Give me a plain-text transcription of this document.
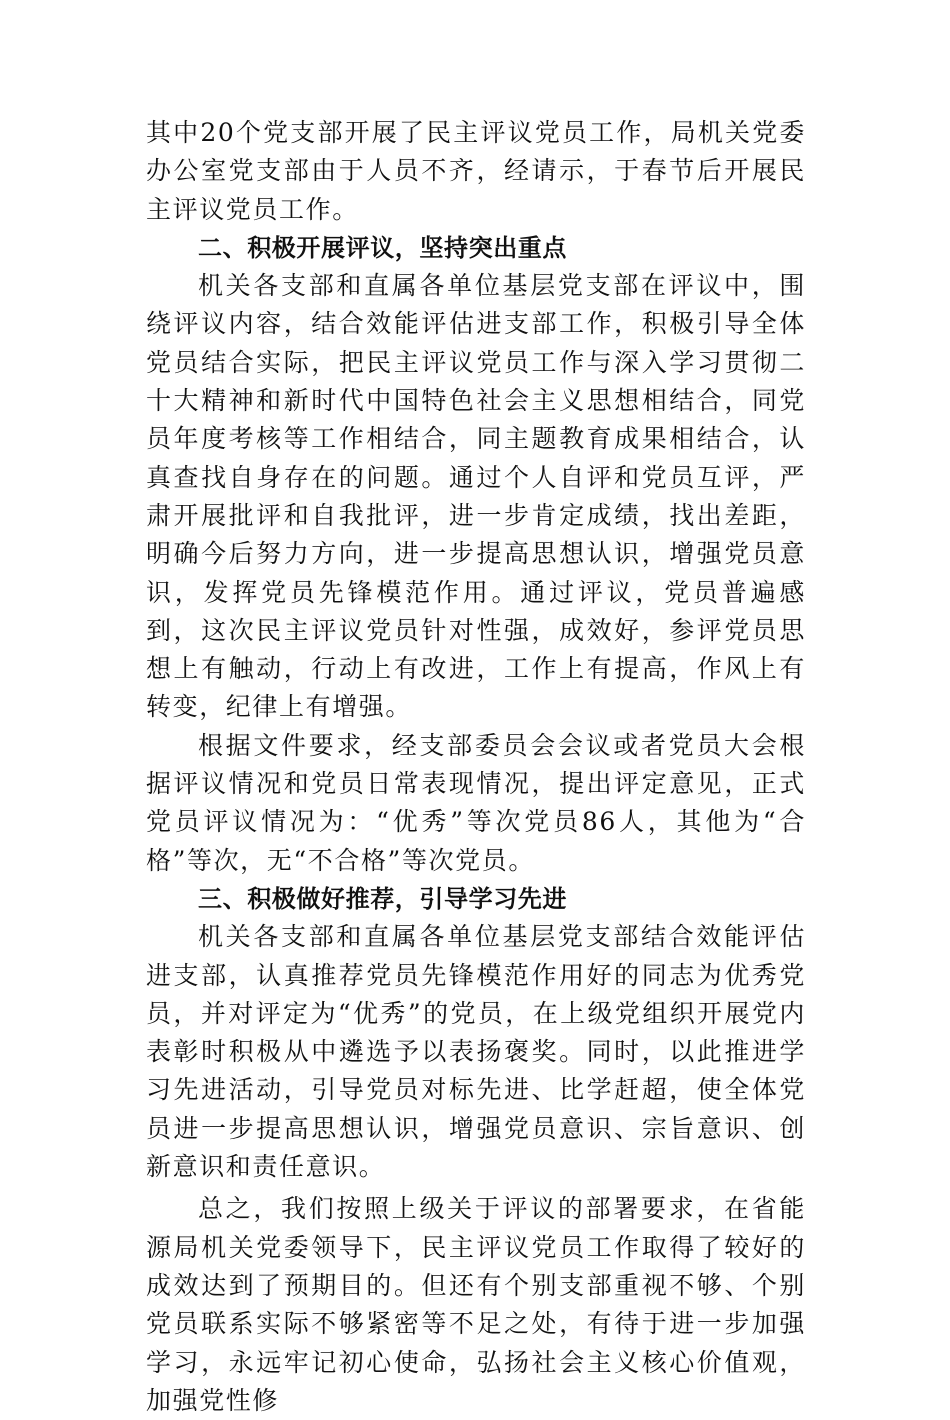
其中20个党支部开展了民主评议党员工作，局机关党委办公室党支部由于人员不齐，经请示，于春节后开展民主评议党员工作。

二、积极开展评议，坚持突出重点

机关各支部和直属各单位基层党支部在评议中，围绕评议内容，结合效能评估进支部工作，积极引导全体党员结合实际，把民主评议党员工作与深入学习贯彻二十大精神和新时代中国特色社会主义思想相结合，同党员年度考核等工作相结合，同主题教育成果相结合，认真查找自身存在的问题。通过个人自评和党员互评，严肃开展批评和自我批评，进一步肯定成绩，找出差距，明确今后努力方向，进一步提高思想认识，增强党员意识，发挥党员先锋模范作用。通过评议，党员普遍感到，这次民主评议党员针对性强，成效好，参评党员思想上有触动，行动上有改进，工作上有提高，作风上有转变，纪律上有增强。

根据文件要求，经支部委员会会议或者党员大会根据评议情况和党员日常表现情况，提出评定意见，正式党员评议情况为：“优秀”等次党员86人，其他为“合格”等次，无“不合格”等次党员。

三、积极做好推荐，引导学习先进

机关各支部和直属各单位基层党支部结合效能评估进支部，认真推荐党员先锋模范作用好的同志为优秀党员，并对评定为“优秀”的党员，在上级党组织开展党内表彰时积极从中遴选予以表扬褒奖。同时，以此推进学习先进活动，引导党员对标先进、比学赶超，使全体党员进一步提高思想认识，增强党员意识、宗旨意识、创新意识和责任意识。

总之，我们按照上级关于评议的部署要求，在省能源局机关党委领导下，民主评议党员工作取得了较好的成效达到了预期目的。但还有个别支部重视不够、个别党员联系实际不够紧密等不足之处，有待于进一步加强学习，永远牢记初心使命，弘扬社会主义核心价值观，加强党性修
